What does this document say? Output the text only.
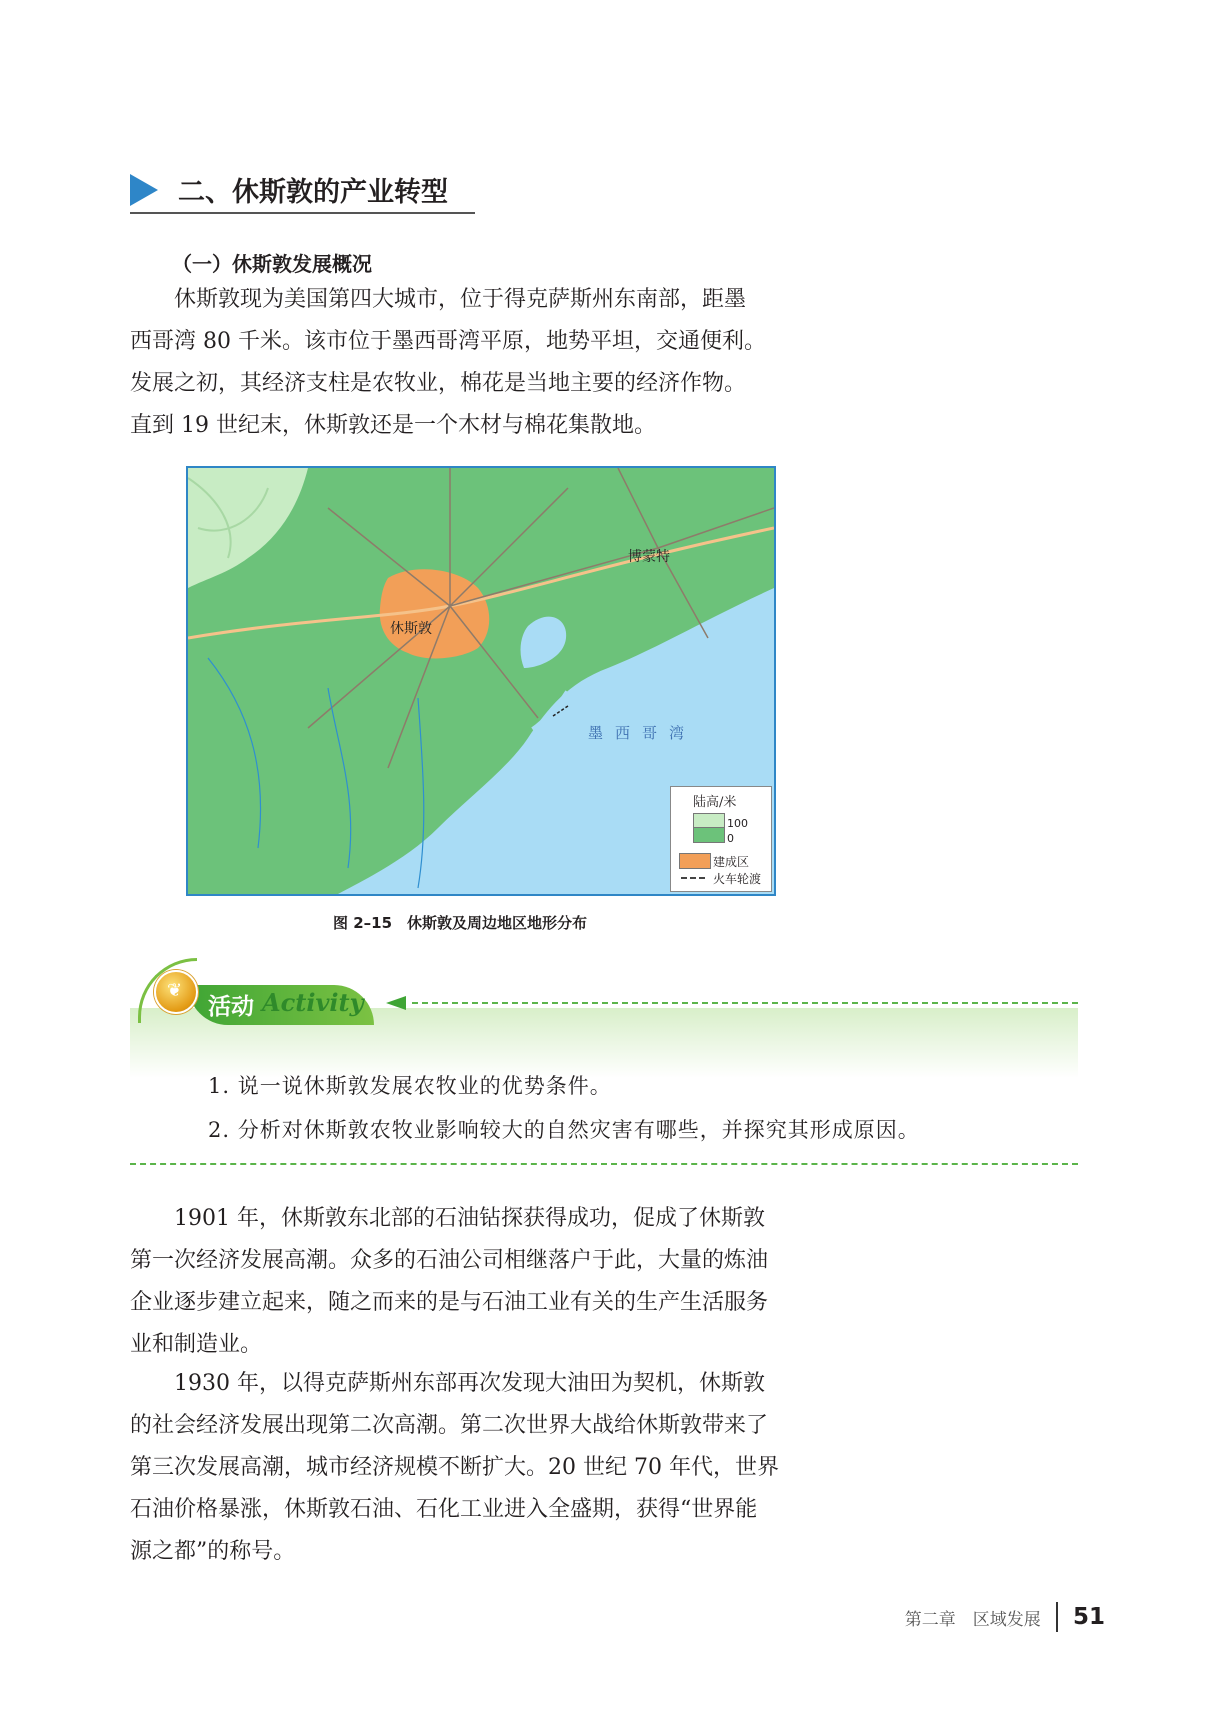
二、休斯敦的产业转型
（一）休斯敦发展概况
休斯敦现为美国第四大城市，位于得克萨斯州东南部，距墨
西哥湾 80 千米。该市位于墨西哥湾平原，地势平坦，交通便利。
发展之初，其经济支柱是农牧业，棉花是当地主要的经济作物。
直到 19 世纪末，休斯敦还是一个木材与棉花集散地。
休斯敦
博蒙特
墨西哥湾
陆高/米
100
0
建成区
火车轮渡
图 2–15　休斯敦及周边地区地形分布
❦
活动 Activity
1. 说一说休斯敦发展农牧业的优势条件。
2. 分析对休斯敦农牧业影响较大的自然灾害有哪些，并探究其形成原因。
1901 年，休斯敦东北部的石油钻探获得成功，促成了休斯敦
第一次经济发展高潮。众多的石油公司相继落户于此，大量的炼油
企业逐步建立起来，随之而来的是与石油工业有关的生产生活服务
业和制造业。
1930 年，以得克萨斯州东部再次发现大油田为契机，休斯敦
的社会经济发展出现第二次高潮。第二次世界大战给休斯敦带来了
第三次发展高潮，城市经济规模不断扩大。20 世纪 70 年代，世界
石油价格暴涨，休斯敦石油、石化工业进入全盛期，获得“世界能
源之都”的称号。
第二章　区域发展 51
